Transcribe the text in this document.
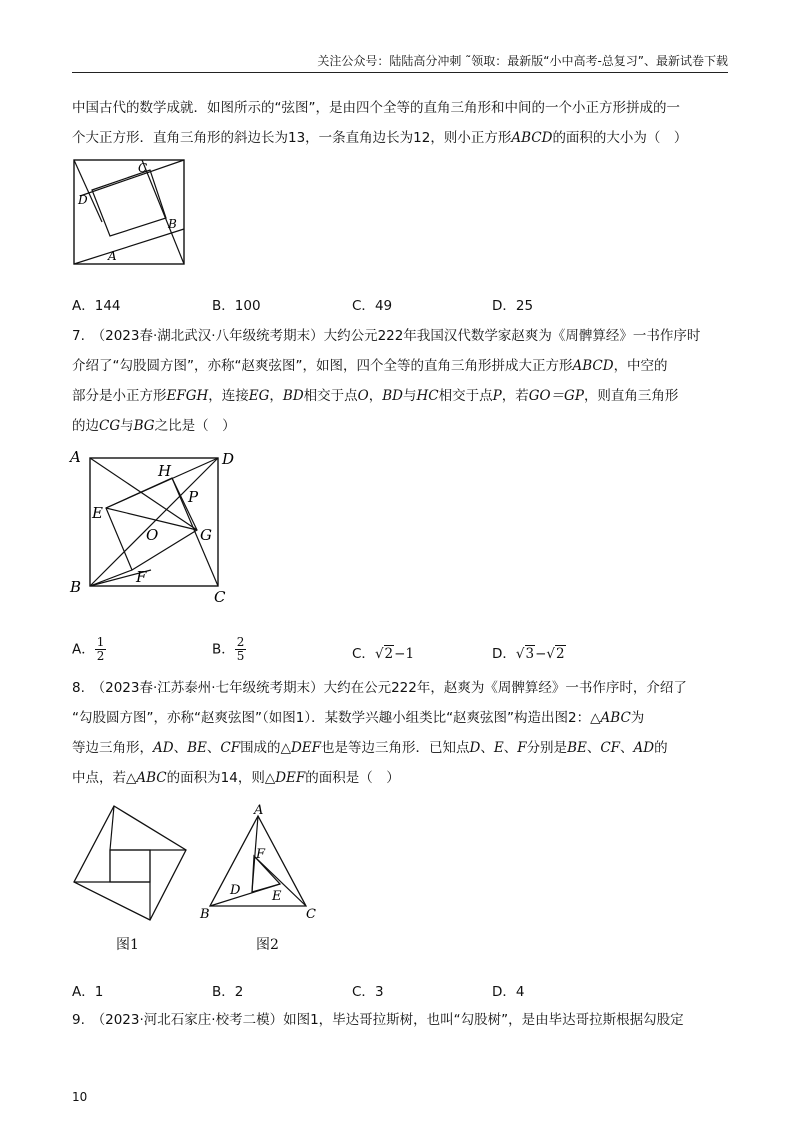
关注公众号：陆陆高分冲刺 ˜领取：最新版“小中高考-总复习”、最新试卷下载
中国古代的数学成就．如图所示的“弦图”，是由四个全等的直角三角形和中间的一个小正方形拼成的一
个大正方形．直角三角形的斜边长为13，一条直角边长为12，则小正方形ABCD的面积的大小为（　）
C
D
B
A
A．144	B．100	C．49	D．25
7.　（2023春·湖北武汉·八年级统考期末）大约公元222年我国汉代数学家赵爽为《周髀算经》一书作序时
介绍了“勾股圆方图”，亦称“赵爽弦图”，如图，四个全等的直角三角形拼成大正方形ABCD，中空的
部分是小正方形EFGH，连接EG，BD相交于点O，BD与HC相交于点P，若GO＝GP，则直角三角形
的边CG与BG之比是（　）
A	D
B
C
H
P
E
O	G
F
A． $\frac{1}{2}$	B． $\frac{2}{5}$	C．√2−1	D．√3−√2
8.　（2023春·江苏泰州·七年级统考期末）大约在公元222年，赵爽为《周髀算经》一书作序时，介绍了
“勾股圆方图”，亦称“赵爽弦图”（如图1）．某数学兴趣小组类比“赵爽弦图”构造出图2：△ABC为
等边三角形，AD、BE、CF围成的△DEF也是等边三角形．已知点D、E、F分别是BE、CF、AD的
中点，若△ABC的面积为14，则△DEF的面积是（　）
图1
A
B	C
F
D E
图2
A．1	B．2	C．3	D．4
9.　（2023·河北石家庄·校考二模）如图1，毕达哥拉斯树，也叫“勾股树”，是由毕达哥拉斯根据勾股定
10
